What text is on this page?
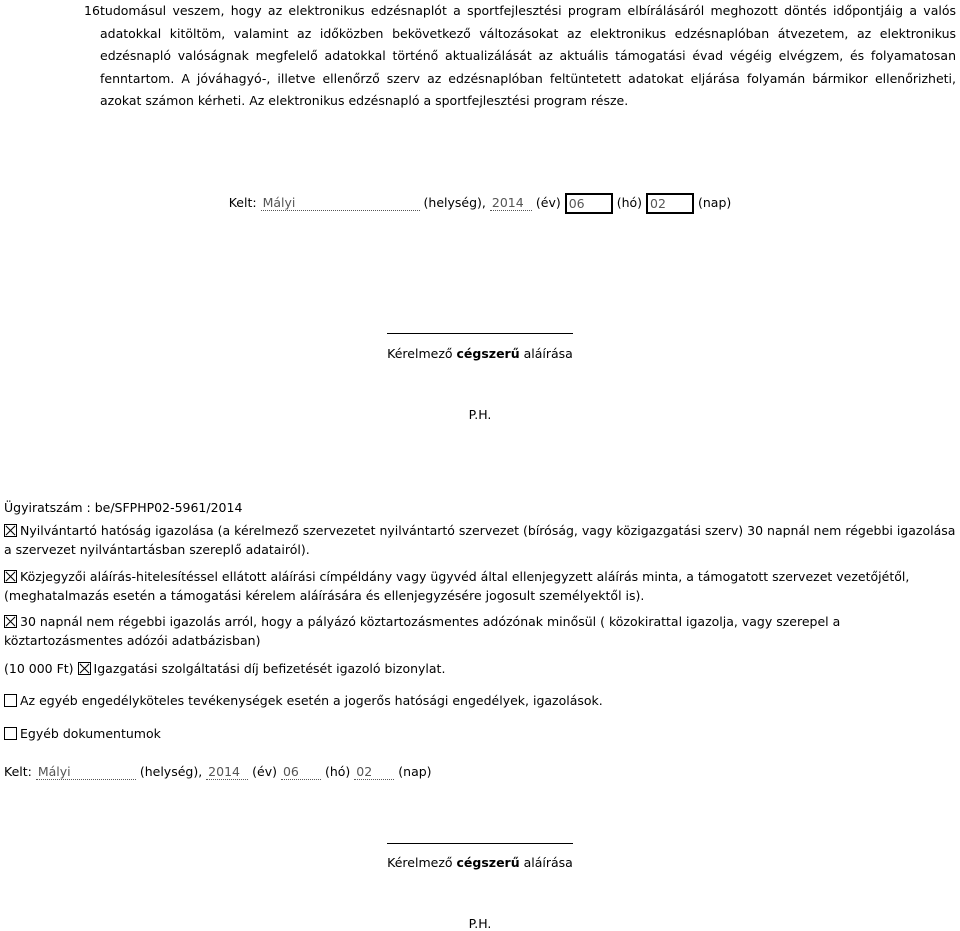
16.
tudomásul veszem, hogy az elektronikus edzésnaplót a sportfejlesztési program elbírálásáról meghozott döntés időpontjáig a valós adatokkal kitöltöm, valamint az időközben bekövetkező változásokat az elektronikus edzésnaplóban átvezetem, az elektronikus edzésnapló valóságnak megfelelő adatokkal történő aktualizálását az aktuális támogatási évad végéig elvégzem, és folyamatosan fenntartom. A jóváhagyó-, illetve ellenőrző szerv az edzésnaplóban feltüntetett adatokat eljárása folyamán bármikor ellenőrizheti, azokat számon kérheti. Az elektronikus edzésnapló a sportfejlesztési program része.
Kelt: Mályi	(helység), 2014 (év) 06	(hó) 02	(nap)
Kérelmező cégszerű aláírása
P.H.
Ügyiratszám : be/SFPHP02-5961/2014
Nyilvántartó hatóság igazolása (a kérelmező szervezetet nyilvántartó szervezet (bíróság, vagy közigazgatási szerv) 30 napnál nem régebbi igazolása a szervezet nyilvántartásban szereplő adatairól).
Közjegyzői aláírás-hitelesítéssel ellátott aláírási címpéldány vagy ügyvéd által ellenjegyzett aláírás minta, a támogatott szervezet vezetőjétől, (meghatalmazás esetén a támogatási kérelem aláírására és ellenjegyzésére jogosult személyektől is).
30 napnál nem régebbi igazolás arról, hogy a pályázó köztartozásmentes adózónak minősül ( közokirattal igazolja, vagy szerepel a köztartozásmentes adózói adatbázisban)
(10 000 Ft) Igazgatási szolgáltatási díj befizetését igazoló bizonylat.
Az egyéb engedélyköteles tevékenységek esetén a jogerős hatósági engedélyek, igazolások.
Egyéb dokumentumok
Kelt: Mályi	(helység), 2014 (év) 06 (hó) 02 (nap)
Kérelmező cégszerű aláírása
P.H.
